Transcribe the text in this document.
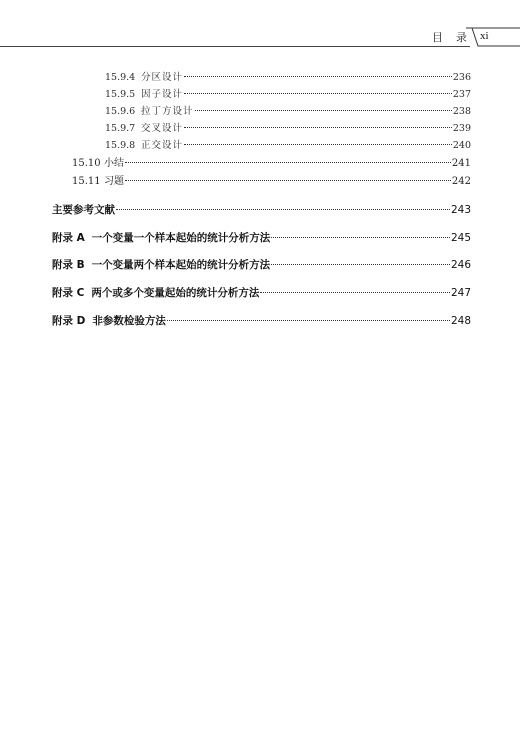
目录 xi
15.9.4 分区设计	236
15.9.5 因子设计	237
15.9.6 拉丁方设计	238
15.9.7 交叉设计	239
15.9.8 正交设计	240
15.10 小结	241
15.11 习题	242
主要参考文献	243
附录 A 一个变量一个样本起始的统计分析方法	245
附录 B 一个变量两个样本起始的统计分析方法	246
附录 C 两个或多个变量起始的统计分析方法	247
附录 D 非参数检验方法	248
